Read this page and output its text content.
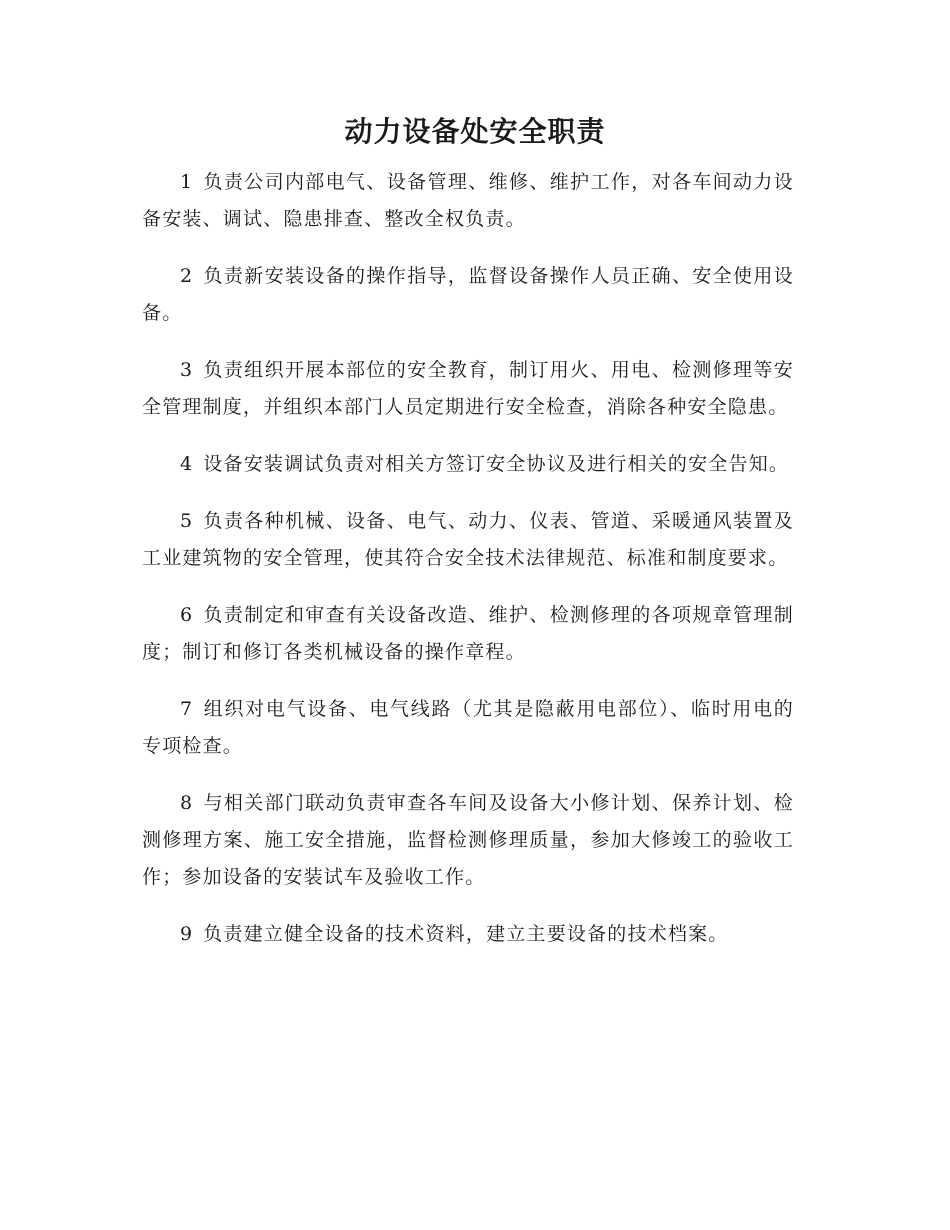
动力设备处安全职责

1 负责公司内部电气、设备管理、维修、维护工作，对各车间动力设备安装、调试、隐患排查、整改全权负责。

2 负责新安装设备的操作指导，监督设备操作人员正确、安全使用设备。

3 负责组织开展本部位的安全教育，制订用火、用电、检测修理等安全管理制度，并组织本部门人员定期进行安全检查，消除各种安全隐患。

4 设备安装调试负责对相关方签订安全协议及进行相关的安全告知。

5 负责各种机械、设备、电气、动力、仪表、管道、采暖通风装置及工业建筑物的安全管理，使其符合安全技术法律规范、标准和制度要求。

6 负责制定和审查有关设备改造、维护、检测修理的各项规章管理制度；制订和修订各类机械设备的操作章程。

7 组织对电气设备、电气线路（尤其是隐蔽用电部位）、临时用电的专项检查。

8 与相关部门联动负责审查各车间及设备大小修计划、保养计划、检测修理方案、施工安全措施，监督检测修理质量，参加大修竣工的验收工作；参加设备的安装试车及验收工作。

9 负责建立健全设备的技术资料，建立主要设备的技术档案。
